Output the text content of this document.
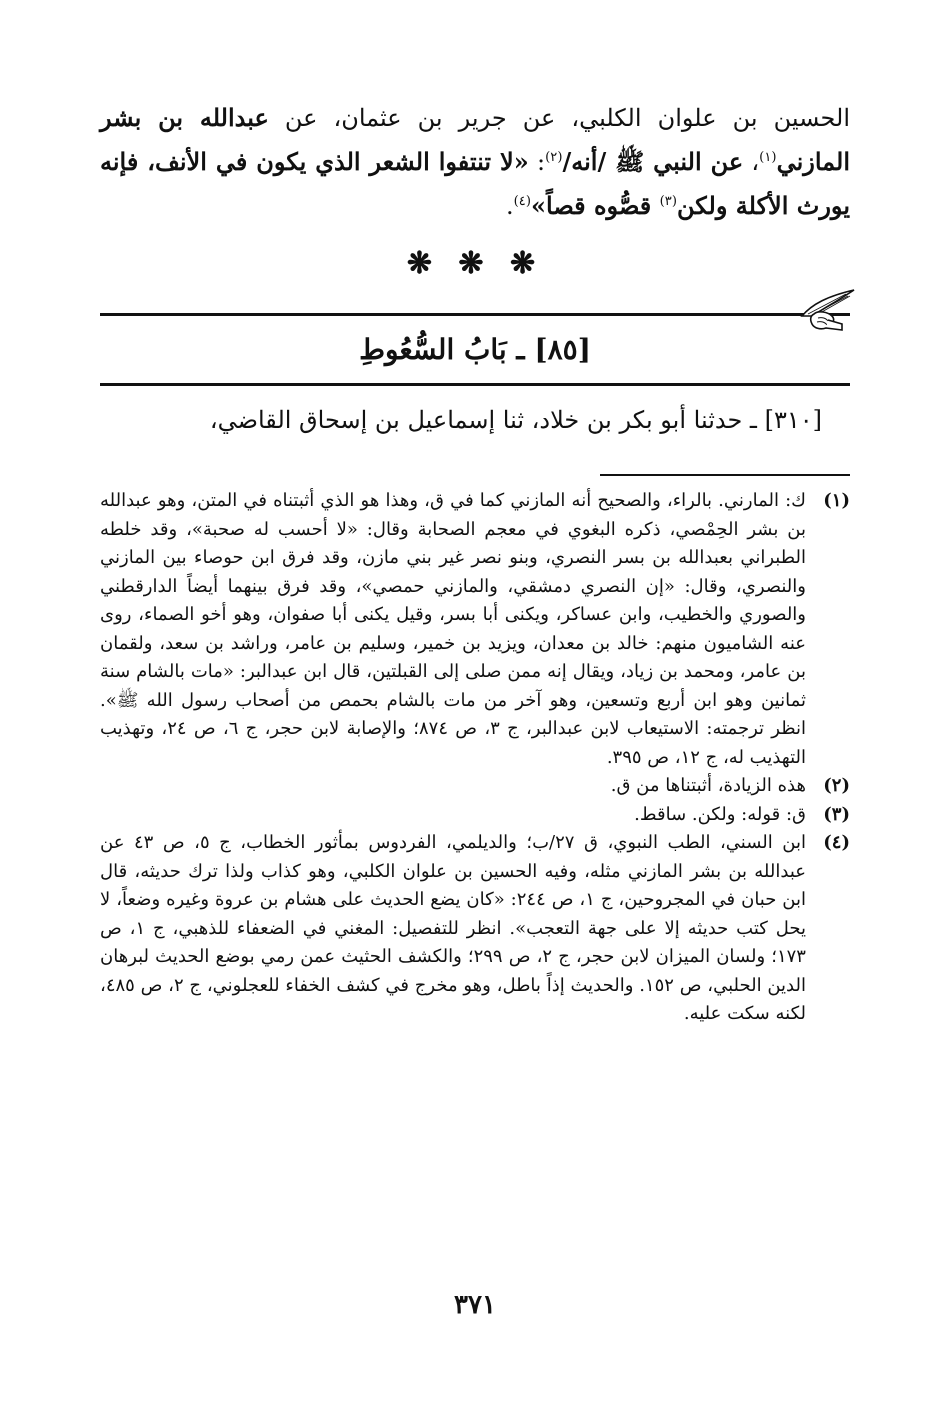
الحسين بن علوان الكلبي، عن جرير بن عثمان، عن عبدالله بن بشر المازني$^{(١)}$، عن النبي ﷺ /أنه/$^{(٢)}$: «لا تنتفوا الشعر الذي يكون في الأنف، فإنه يورث الأكلة ولكن$^{(٣)}$ قصُّوه قصاً»$^{(٤)}$.

❋ ❋ ❋
[٨٥] ـ بَابُ السُّعُوطِ
[٣١٠] ـ حدثنا أبو بكر بن خلاد، ثنا إسماعيل بن إسحاق القاضي،
(١)
ك: المارني. بالراء، والصحيح أنه المازني كما في ق، وهذا هو الذي أثبتناه في المتن، وهو عبدالله بن بشر الحِمْصي، ذكره البغوي في معجم الصحابة وقال: «لا أحسب له صحبة»، وقد خلطه الطبراني بعبدالله بن بسر النصري، وبنو نصر غير بني مازن، وقد فرق ابن حوصاء بين المازني والنصري، وقال: «إن النصري دمشقي، والمازني حمصي»، وقد فرق بينهما أيضاً الدارقطني والصوري والخطيب، وابن عساكر، ويكنى أبا بسر، وقيل يكنى أبا صفوان، وهو أخو الصماء، روى عنه الشاميون منهم: خالد بن معدان، ويزيد بن خمير، وسليم بن عامر، وراشد بن سعد، ولقمان بن عامر، ومحمد بن زياد، ويقال إنه ممن صلى إلى القبلتين، قال ابن عبدالبر: «مات بالشام سنة ثمانين وهو ابن أربع وتسعين، وهو آخر من مات بالشام بحمص من أصحاب رسول الله ﷺ». انظر ترجمته: الاستيعاب لابن عبدالبر، ج ٣، ص ٨٧٤؛ والإصابة لابن حجر، ج ٦، ص ٢٤، وتهذيب التهذيب له، ج ١٢، ص ٣٩٥.
(٢)
هذه الزيادة، أثبتناها من ق.
(٣)
ق: قوله: ولكن. ساقط.
(٤)
ابن السني، الطب النبوي، ق ٢٧/ب؛ والديلمي، الفردوس بمأثور الخطاب، ج ٥، ص ٤٣ عن عبدالله بن بشر المازني مثله، وفيه الحسين بن علوان الكلبي، وهو كذاب ولذا ترك حديثه، قال ابن حبان في المجروحين، ج ١، ص ٢٤٤: «كان يضع الحديث على هشام بن عروة وغيره وضعاً، لا يحل كتب حديثه إلا على جهة التعجب». انظر للتفصيل: المغني في الضعفاء للذهبي، ج ١، ص ١٧٣؛ ولسان الميزان لابن حجر، ج ٢، ص ٢٩٩؛ والكشف الحثيث عمن رمي بوضع الحديث لبرهان الدين الحلبي، ص ١٥٢. والحديث إذاً باطل، وهو مخرج في كشف الخفاء للعجلوني، ج ٢، ص ٤٨٥، لكنه سكت عليه.
٣٧١
